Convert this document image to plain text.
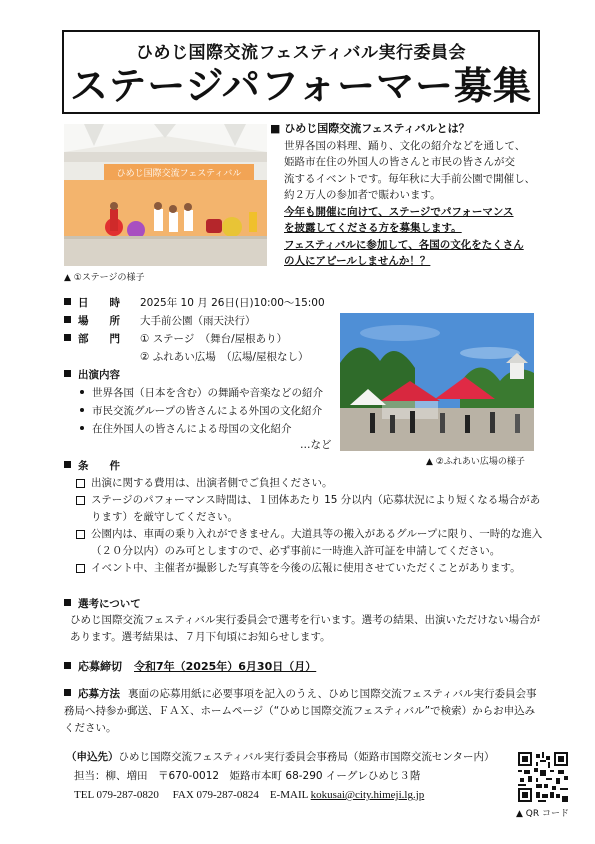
ひめじ国際交流フェスティバル実行委員会
ステージパフォーマー募集
ひめじ国際交流フェスティバル
▲ ①ステージの様子
■ ひめじ国際交流フェスティバルとは？
世界各国の料理、踊り、文化の紹介などを通して、
姫路市在住の外国人の皆さんと市民の皆さんが交
流するイベントです。毎年秋に大手前公園で開催し、
約２万人の参加者で賑わいます。
今年も開催に向けて、ステージでパフォーマンス
を披露してくださる方を募集します。
フェスティバルに参加して、各国の文化をたくさん
の人にアピールしませんか！？
日　　時 2025年 10 月 26日(日)10:00～15:00
場　　所 大手前公園（雨天決行）
部　　門 ① ステージ　（舞台/屋根あり）
② ふれあい広場　（広場/屋根なし）
出演内容
世界各国（日本を含む）の舞踊や音楽などの紹介
市民交流グループの皆さんによる外国の文化紹介
在住外国人の皆さんによる母国の文化紹介
…など
▲ ②ふれあい広場の様子
条　　件
出演に関する費用は、出演者側でご負担ください。
ステージのパフォーマンス時間は、１団体あたり 15 分以内（応募状況により短くなる場合があります）を厳守してください。
公園内は、車両の乗り入れができません。大道具等の搬入があるグループに限り、一時的な進入（２０分以内）のみ可としますので、必ず事前に一時進入許可証を申請してください。
イベント中、主催者が撮影した写真等を今後の広報に使用させていただくことがあります。
選考について
ひめじ国際交流フェスティバル実行委員会で選考を行います。選考の結果、出演いただけない場合があります。選考結果は、７月下旬頃にお知らせします。
応募締切 令和7年（2025年）6月30日（月）
応募方法 裏面の応募用紙に必要事項を記入のうえ、ひめじ国際交流フェスティバル実行委員会事務局へ持参か郵送、ＦＡＸ、ホームページ（“ひめじ国際交流フェスティバル”で検索）からお申込みください。
（申込先）ひめじ国際交流フェスティバル実行委員会事務局（姫路市国際交流センター内）
担当：柳、増田　〒670-0012　姫路市本町 68-290 イーグレひめじ３階
TEL 079-287-0820　 FAX 079-287-0824　E-MAIL kokusai@city.himeji.lg.jp
▲ QR コード
